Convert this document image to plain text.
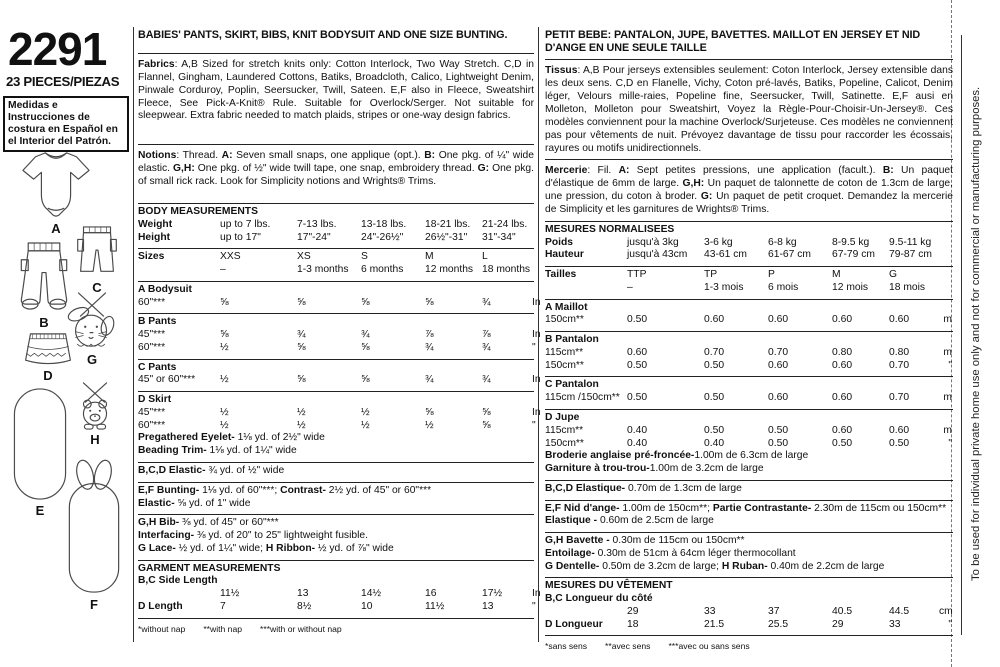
2291
23 PIECES/PIEZAS
Medidas e Instrucciones de costura en Español en el Interior del Patrón.
A
B
C
G
D
H
E
F
BABIES' PANTS, SKIRT, BIBS, KNIT BODYSUIT AND ONE SIZE BUNTING.
Fabrics: A,B Sized for stretch knits only: Cotton Interlock, Two Way Stretch. C,D in Flannel, Gingham, Laundered Cottons, Batiks, Broadcloth, Calico, Lightweight Denim, Pinwale Corduroy, Poplin, Seersucker, Twill, Sateen. E,F also in Fleece, Sweatshirt Fleece, See Pick-A-Knit® Rule. Suitable for Overlock/Serger. Not suitable for sleepwear. Extra fabric needed to match plaids, stripes or one-way design fabrics.
Notions: Thread. A: Seven small snaps, one applique (opt.). B: One pkg. of ¼" wide elastic. G,H: One pkg. of ½" wide twill tape, one snap, embroidery thread. G: One pkg. of small rick rack. Look for Simplicity notions and Wrights® Trims.
BODY MEASUREMENTS
Weight	up to 7 lbs.	7-13 lbs.	13-18 lbs.	18-21 lbs.	21-24 lbs.
Height	up to 17"	17"-24"	24"-26½"	26½"-31"	31"-34"
Sizes	XXS	XS	S	M	L
–	1-3 months	6 months	12 months 18 months
A Bodysuit
60"***	⅝	⅝	⅝	⅝	¾	In
B Pants
45"***	⅝	¾	¾	⅞	⅞	In
60"***	½	⅝	⅝	¾	¾	"
C Pants
45" or 60"***	½	⅝	⅝	¾	¾	In
D Skirt
45"***	½	½	½	⅝	⅝	In
60"***	½	½	½	½	⅝	"
Pregathered Eyelet- 1⅛ yd. of 2½" wide
Beading Trim- 1⅛ yd. of 1¼" wide
B,C,D Elastic- ¾ yd. of ½" wide
E,F Bunting- 1⅛ yd. of 60"***; Contrast- 2½ yd. of 45" or 60"***
Elastic- ⅝ yd. of 1" wide
G,H Bib- ⅜ yd. of 45" or 60"***
Interfacing- ⅜ yd. of 20" to 25" lightweight fusible.
G Lace- ½ yd. of 1¼" wide; H Ribbon- ½ yd. of ⅞" wide
GARMENT MEASUREMENTS
B,C Side Length
11½	13	14½	16	17½	In
D Length	7	8½	10	11½	13	"
*without nap **with nap ***with or without nap
PETIT BEBE: PANTALON, JUPE, BAVETTES. MAILLOT EN JERSEY ET NID D'ANGE EN UNE SEULE TAILLE
Tissus: A,B Pour jerseys extensibles seulement: Coton Interlock, Jersey extensible dans les deux sens. C,D en Flanelle, Vichy, Coton pré-lavés, Batiks, Popeline, Calicot, Denim léger, Velours mille-raies, Popeline fine, Seersucker, Twill, Satinette. E,F ausi en Molleton, Molleton pour Sweatshirt, Voyez la Règle-Pour-Choisir-Un-Jersey®. Ces modèles conviennent pour la machine Overlock/Surjeteuse. Ces modèles ne conviennent pas pour vêtements de nuit. Prévoyez davantage de tissu pour raccorder les écossais, rayures ou motifs unidirectionnels.
Mercerie: Fil. A: Sept petites pressions, une application (facult.). B: Un paquet d'élastique de 6mm de large. G,H: Un paquet de talonnette de coton de 1.3cm de large, une pression, du coton à broder. G: Un paquet de petit croquet. Demandez la mercerie de Simplicity et les garnitures de Wrights® Trims.
MESURES NORMALISEES
Poids	jusqu'à 3kg	3-6 kg	6-8 kg	8-9.5 kg	9.5-11 kg
Hauteur	jusqu'à 43cm	43-61 cm	61-67 cm	67-79 cm	79-87 cm
Tailles	TTP	TP	P	M	G
–	1-3 mois	6 mois	12 mois	18 mois
A Maillot
150cm**	0.50	0.60	0.60	0.60	0.60	m
B Pantalon
115cm**	0.60	0.70	0.70	0.80	0.80	m
150cm**	0.50	0.50	0.60	0.60	0.70	"
C Pantalon
115cm /150cm** 0.50	0.50	0.60	0.60	0.70	m
D Jupe
115cm**	0.40	0.50	0.50	0.60	0.60	m
150cm**	0.40	0.40	0.50	0.50	0.50	"
Broderie anglaise pré-froncée-1.00m de 6.3cm de large
Garniture à trou-trou-1.00m de 3.2cm de large
B,C,D Elastique- 0.70m de 1.3cm de large
E,F Nid d'ange- 1.00m de 150cm**; Partie Contrastante- 2.30m de 115cm ou 150cm**
Elastique - 0.60m de 2.5cm de large
G,H Bavette - 0.30m de 115cm ou 150cm**
Entoilage- 0.30m de 51cm à 64cm léger thermocollant
G Dentelle- 0.50m de 3.2cm de large; H Ruban- 0.40m de 2.2cm de large
MESURES DU VÊTEMENT
B,C Longueur du côté
29	33	37	40.5	44.5	cm
D Longueur	18	21.5	25.5	29	33	"
*sans sens **avec sens ***avec ou sans sens
To be used for individual private home use only and not for commercial or manufacturing purposes.
